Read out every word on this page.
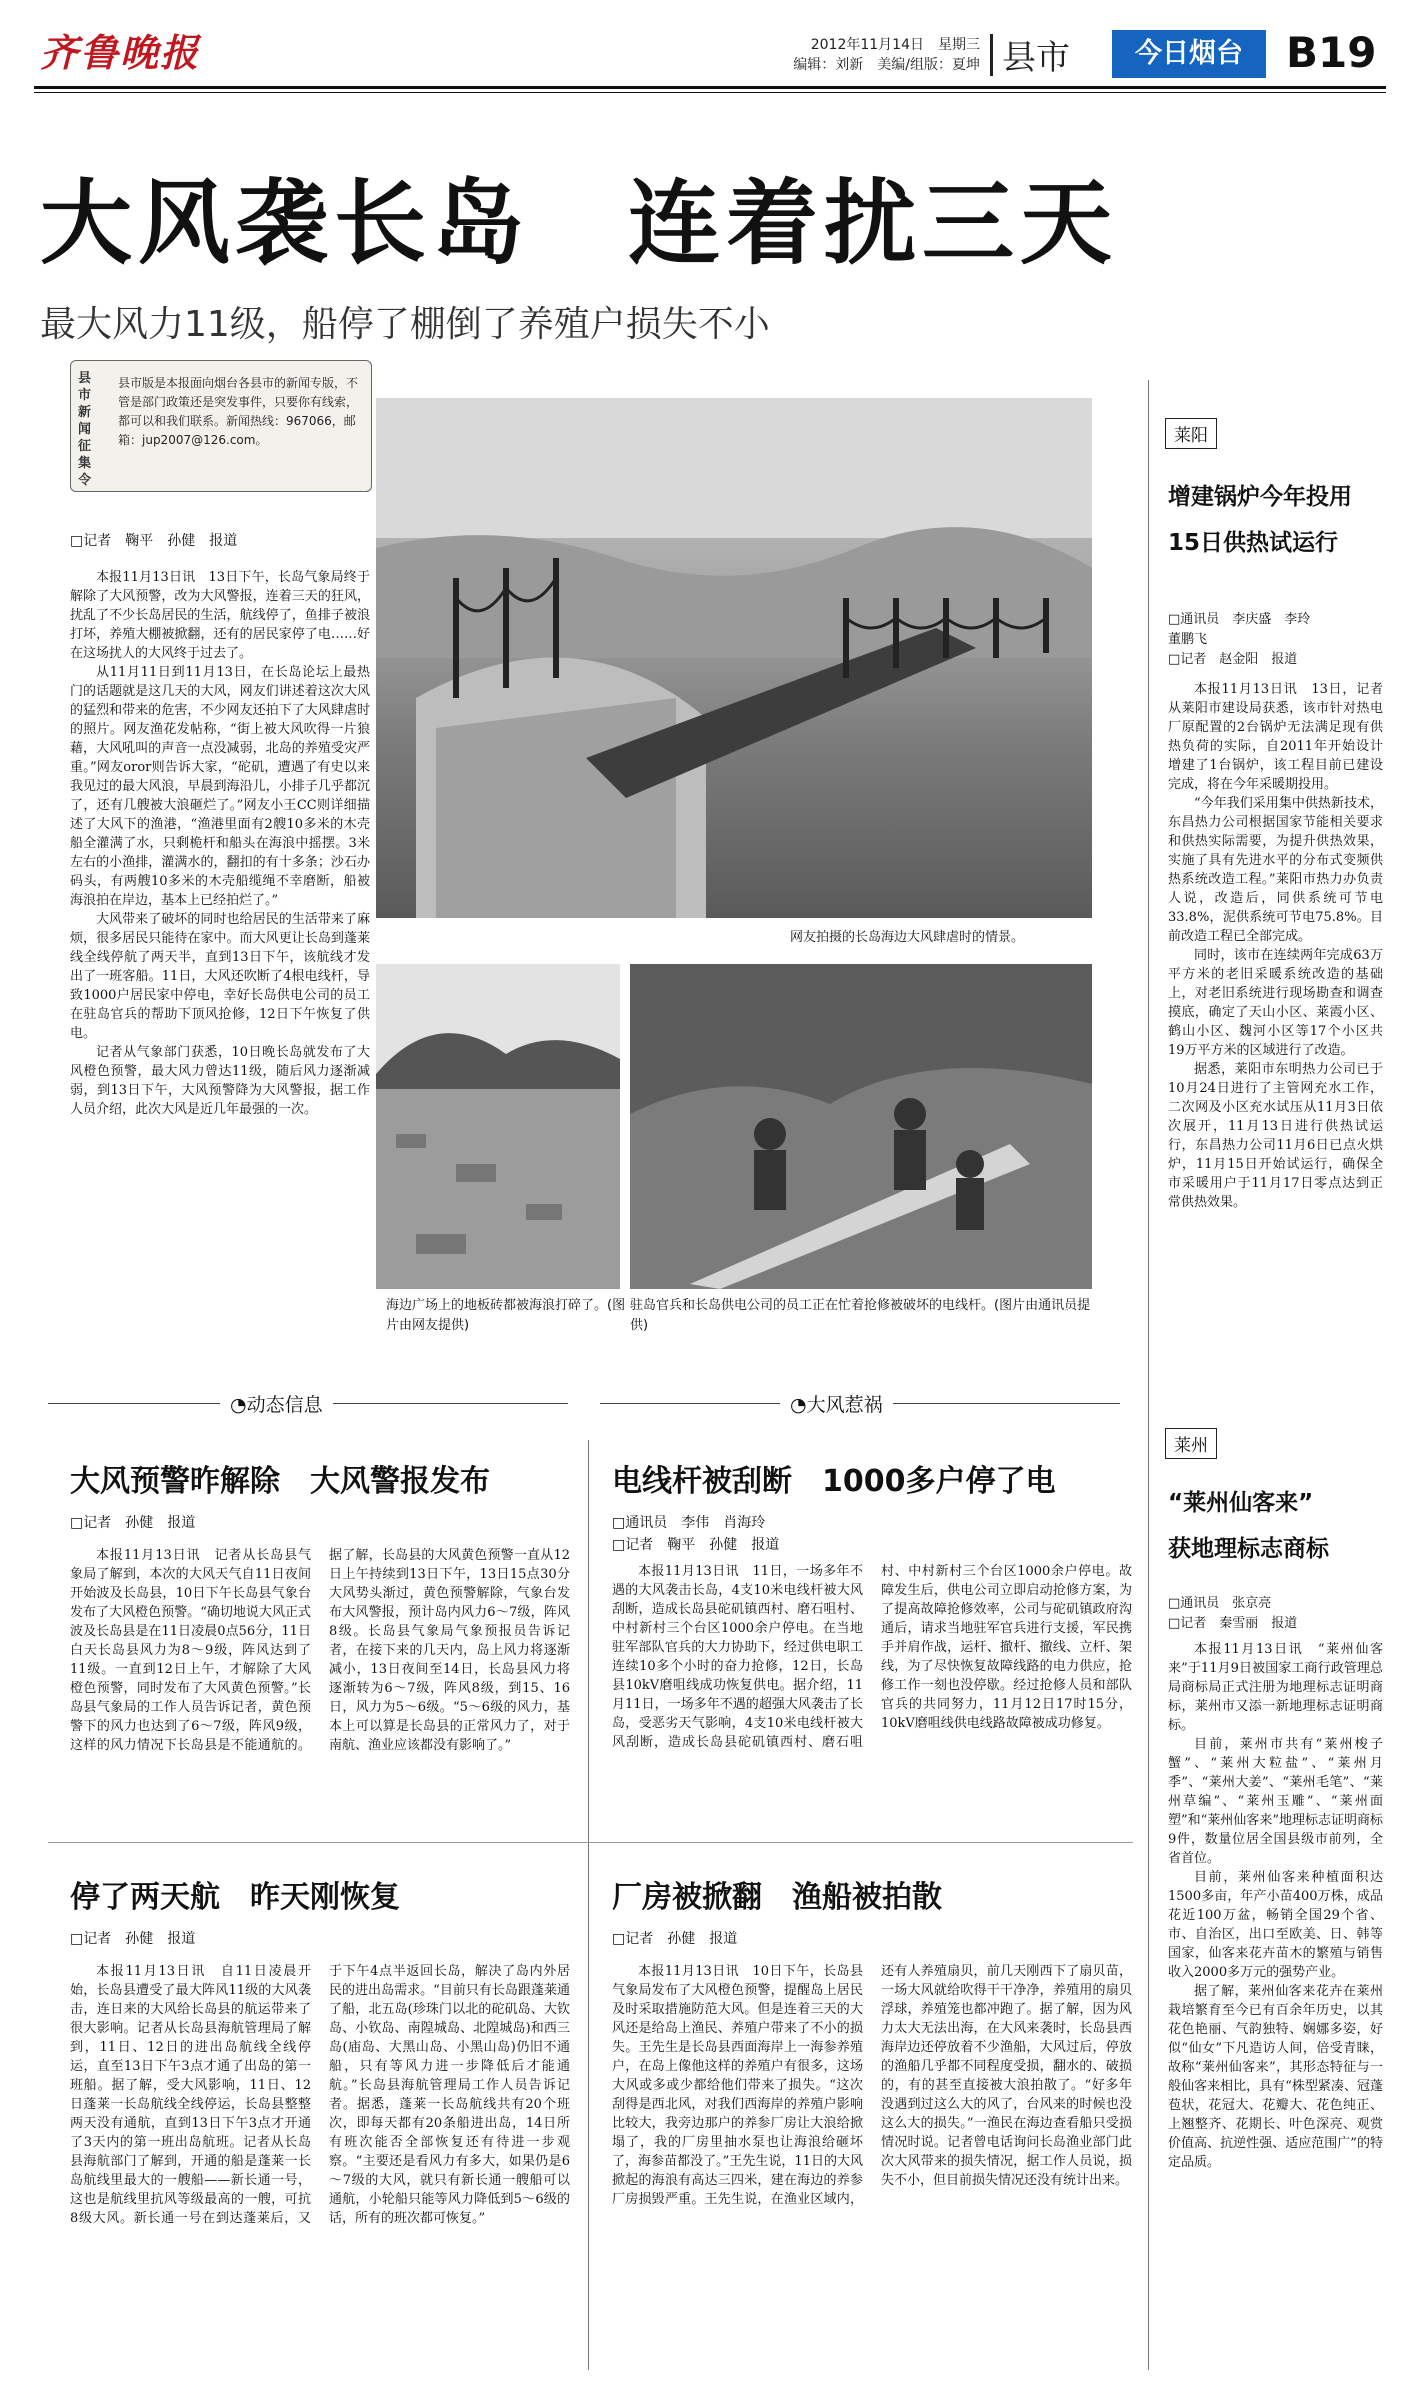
齐鲁晚报	2012年11月14日　星期三
编辑：刘新　美编/组版：夏坤 县市	今日烟台	B19
大风袭长岛　连着扰三天
最大风力11级，船停了棚倒了养殖户损失不小
县市新闻征集令
县市版是本报面向烟台各县市的新闻专版，不管是部门政策还是突发事件，只要你有线索，都可以和我们联系。新闻热线：967066，邮箱：jup2007@126.com。
□记者　鞠平　孙健　报道
本报11月13日讯　13日下午，长岛气象局终于解除了大风预警，改为大风警报，连着三天的狂风，扰乱了不少长岛居民的生活，航线停了，鱼排子被浪打坏，养殖大棚被掀翻，还有的居民家停了电……好在这场扰人的大风终于过去了。
从11月11日到11月13日，在长岛论坛上最热门的话题就是这几天的大风，网友们讲述着这次大风的猛烈和带来的危害，不少网友还拍下了大风肆虐时的照片。网友渔花发帖称，“街上被大风吹得一片狼藉，大风吼叫的声音一点没减弱，北岛的养殖受灾严重。”网友oror则告诉大家，“砣矶，遭遇了有史以来我见过的最大风浪，早晨到海沿儿，小排子几乎都沉了，还有几艘被大浪砸烂了。”网友小王CC则详细描述了大风下的渔港，“渔港里面有2艘10多米的木壳船全灌满了水，只剩桅杆和船头在海浪中摇摆。3米左右的小渔排，灌满水的，翻扣的有十多条；沙石办码头，有两艘10多米的木壳船缆绳不幸磨断，船被海浪拍在岸边，基本上已经拍烂了。”
大风带来了破坏的同时也给居民的生活带来了麻烦，很多居民只能待在家中。而大风更让长岛到蓬莱线全线停航了两天半，直到13日下午，该航线才发出了一班客船。11日，大风还吹断了4根电线杆，导致1000户居民家中停电，幸好长岛供电公司的员工在驻岛官兵的帮助下顶风抢修，12日下午恢复了供电。
记者从气象部门获悉，10日晚长岛就发布了大风橙色预警，最大风力曾达11级，随后风力逐渐减弱，到13日下午，大风预警降为大风警报，据工作人员介绍，此次大风是近几年最强的一次。
网友拍摄的长岛海边大风肆虐时的情景。
海边广场上的地板砖都被海浪打碎了。(图片由网友提供)
驻岛官兵和长岛供电公司的员工正在忙着抢修被破坏的电线杆。(图片由通讯员提供)
莱阳
增建锅炉今年投用
15日供热试运行
□通讯员　李庆盛　李玲
董鹏飞
□记者　赵金阳　报道
本报11月13日讯　13日，记者从莱阳市建设局获悉，该市针对热电厂原配置的2台锅炉无法满足现有供热负荷的实际，自2011年开始设计增建了1台锅炉，该工程目前已建设完成，将在今年采暖期投用。
“今年我们采用集中供热新技术，东昌热力公司根据国家节能相关要求和供热实际需要，为提升供热效果，实施了具有先进水平的分布式变频供热系统改造工程。”莱阳市热力办负责人说，改造后，同供系统可节电33.8%，泥供系统可节电75.8%。目前改造工程已全部完成。
同时，该市在连续两年完成63万平方米的老旧采暖系统改造的基础上，对老旧系统进行现场勘查和调查摸底，确定了天山小区、莱霞小区、鹤山小区、魏河小区等17个小区共19万平方米的区域进行了改造。
据悉，莱阳市东明热力公司已于10月24日进行了主管网充水工作，二次网及小区充水试压从11月3日依次展开，11月13日进行供热试运行，东昌热力公司11月6日已点火烘炉，11月15日开始试运行，确保全市采暖用户于11月17日零点达到正常供热效果。
莱州
“莱州仙客来”
获地理标志商标
□通讯员　张京亮
□记者　秦雪丽　报道
本报11月13日讯　“莱州仙客来”于11月9日被国家工商行政管理总局商标局正式注册为地理标志证明商标，莱州市又添一新地理标志证明商标。
目前，莱州市共有“莱州梭子蟹”、“莱州大粒盐”、“莱州月季”、“莱州大姜”、“莱州毛笔”、“莱州草编”、“莱州玉雕”、“莱州面塑”和“莱州仙客来”地理标志证明商标9件，数量位居全国县级市前列，全省首位。
目前，莱州仙客来种植面积达1500多亩，年产小苗400万株，成品花近100万盆，畅销全国29个省、市、自治区，出口至欧美、日、韩等国家，仙客来花卉苗木的繁殖与销售收入2000多万元的强势产业。
据了解，莱州仙客来花卉在莱州栽培繁育至今已有百余年历史，以其花色艳丽、气韵独特、娴娜多姿，好似“仙女”下凡造访人间，倍受青睐，故称“莱州仙客来”，其形态特征与一般仙客来相比，具有“株型紧凑、冠蓬苞状，花冠大、花瓣大、花色纯正、上翘整齐、花期长、叶色深亮、观赏价值高、抗逆性强、适应范围广”的特定品质。
◔动态信息	◔大风惹祸
大风预警昨解除　大风警报发布
□记者　孙健　报道
本报11月13日讯　记者从长岛县气象局了解到，本次的大风天气自11日夜间开始波及长岛县，10日下午长岛县气象台发布了大风橙色预警。“确切地说大风正式波及长岛县是在11日凌晨0点56分，11日白天长岛县风力为8～9级，阵风达到了11级。一直到12日上午，才解除了大风橙色预警，同时发布了大风黄色预警。”长岛县气象局的工作人员告诉记者，黄色预警下的风力也达到了6～7级，阵风9级，这样的风力情况下长岛县是不能通航的。据了解，长岛县的大风黄色预警一直从12日上午持续到13日下午，13日15点30分大风势头渐过，黄色预警解除，气象台发布大风警报，预计岛内风力6～7级，阵风8级。长岛县气象局气象预报员告诉记者，在接下来的几天内，岛上风力将逐渐减小，13日夜间至14日，长岛县风力将逐渐转为6～7级，阵风8级，到15、16日，风力为5～6级。“5～6级的风力，基本上可以算是长岛县的正常风力了，对于南航、渔业应该都没有影响了。”
电线杆被刮断　1000多户停了电
□通讯员　李伟　肖海玲
□记者　鞠平　孙健　报道
本报11月13日讯　11日，一场多年不遇的大风袭击长岛，4支10米电线杆被大风刮断，造成长岛县砣矶镇西村、磨石咀村、中村新村三个台区1000余户停电。在当地驻军部队官兵的大力协助下，经过供电职工连续10多个小时的奋力抢修，12日，长岛县10kV磨咀线成功恢复供电。据介绍，11月11日，一场多年不遇的超强大风袭击了长岛，受恶劣天气影响，4支10米电线杆被大风刮断，造成长岛县砣矶镇西村、磨石咀村、中村新村三个台区1000余户停电。故障发生后，供电公司立即启动抢修方案，为了提高故障抢修效率，公司与砣矶镇政府沟通后，请求当地驻军官兵进行支援，军民携手并肩作战，运杆、撤杆、撤线、立杆、架线，为了尽快恢复故障线路的电力供应，抢修工作一刻也没停歇。经过抢修人员和部队官兵的共同努力，11月12日17时15分，10kV磨咀线供电线路故障被成功修复。
停了两天航　昨天刚恢复
□记者　孙健　报道
本报11月13日讯　自11日凌晨开始，长岛县遭受了最大阵风11级的大风袭击，连日来的大风给长岛县的航运带来了很大影响。记者从长岛县海航管理局了解到，11日、12日的进出岛航线全线停运，直至13日下午3点才通了出岛的第一班船。据了解，受大风影响，11日、12日蓬莱一长岛航线全线停运，长岛县整整两天没有通航，直到13日下午3点才开通了3天内的第一班出岛航班。记者从长岛县海航部门了解到，开通的船是蓬莱一长岛航线里最大的一艘船——新长通一号，这也是航线里抗风等级最高的一艘，可抗8级大风。新长通一号在到达蓬莱后，又于下午4点半返回长岛，解决了岛内外居民的进出岛需求。“目前只有长岛跟蓬莱通了船，北五岛(珍珠门以北的砣矶岛、大钦岛、小钦岛、南隍城岛、北隍城岛)和西三岛(庙岛、大黑山岛、小黑山岛)仍旧不通船，只有等风力进一步降低后才能通航。”长岛县海航管理局工作人员告诉记者。据悉，蓬莱一长岛航线共有20个班次，即每天都有20条船进出岛，14日所有班次能否全部恢复还有待进一步观察。“主要还是看风力有多大，如果仍是6～7级的大风，就只有新长通一艘船可以通航，小轮船只能等风力降低到5～6级的话，所有的班次都可恢复。”
厂房被掀翻　渔船被拍散
□记者　孙健　报道
本报11月13日讯　10日下午，长岛县气象局发布了大风橙色预警，提醒岛上居民及时采取措施防范大风。但是连着三天的大风还是给岛上渔民、养殖户带来了不小的损失。王先生是长岛县西面海岸上一海参养殖户，在岛上像他这样的养殖户有很多，这场大风或多或少都给他们带来了损失。“这次刮得是西北风，对我们西海岸的养殖户影响比较大，我旁边那户的养参厂房让大浪给掀塌了，我的厂房里抽水泵也让海浪给砸坏了，海参苗都没了。”王先生说，11日的大风掀起的海浪有高达三四米，建在海边的养参厂房损毁严重。王先生说，在渔业区域内，还有人养殖扇贝，前几天刚西下了扇贝苗，一场大风就给吹得干干净净，养殖用的扇贝浮球，养殖笼也都冲跑了。据了解，因为风力太大无法出海，在大风来袭时，长岛县西海岸边还停放着不少渔船，大风过后，停放的渔船几乎都不同程度受损，翻水的、破损的，有的甚至直接被大浪拍散了。“好多年没遇到过这么大的风了，台风来的时候也没这么大的损失。”一渔民在海边查看船只受损情况时说。记者曾电话询问长岛渔业部门此次大风带来的损失情况，据工作人员说，损失不小，但目前损失情况还没有统计出来。
